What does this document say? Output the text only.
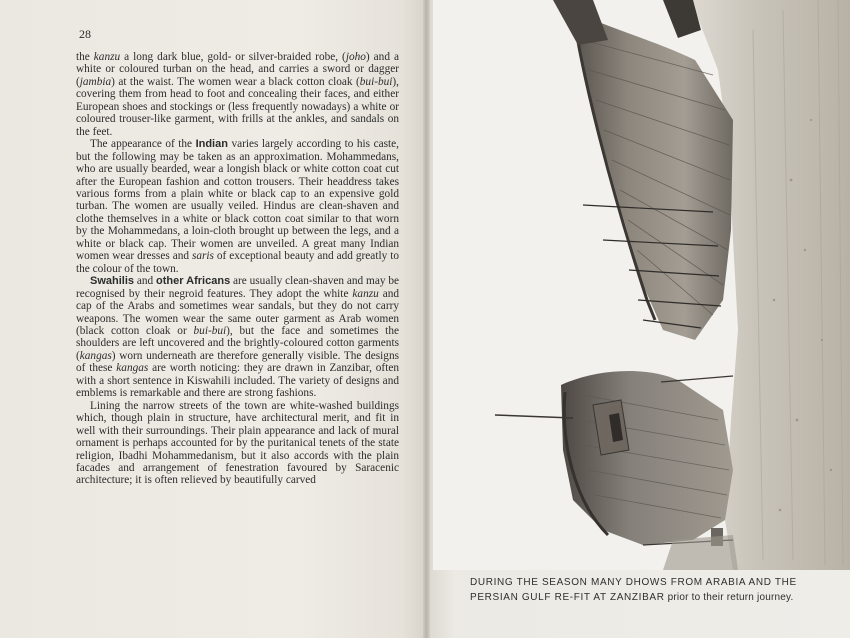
28

the kanzu a long dark blue, gold- or silver-braided robe, (joho) and a white or coloured turban on the head, and carries a sword or dagger (jambia) at the waist. The women wear a black cotton cloak (bui-bui), covering them from head to foot and concealing their faces, and either European shoes and stockings or (less frequently nowadays) a white or coloured trouser-like garment, with frills at the ankles, and sandals on the feet.

The appearance of the Indian varies largely according to his caste, but the following may be taken as an approximation. Mohammedans, who are usually bearded, wear a longish black or white cotton coat cut after the European fashion and cotton trousers. Their headdress takes various forms from a plain white or black cap to an expensive gold turban. The women are usually veiled. Hindus are clean-shaven and clothe themselves in a white or black cotton coat similar to that worn by the Mohammedans, a loin-cloth brought up between the legs, and a white or black cap. Their women are unveiled. A great many Indian women wear dresses and saris of exceptional beauty and add greatly to the colour of the town.

Swahilis and other Africans are usually clean-shaven and may be recognised by their negroid features. They adopt the white kanzu and cap of the Arabs and sometimes wear sandals, but they do not carry weapons. The women wear the same outer garment as Arab women (black cotton cloak or bui-bui), but the face and sometimes the shoulders are left uncovered and the brightly-coloured cotton garments (kangas) worn underneath are therefore generally visible. The designs of these kangas are worth noticing: they are drawn in Zanzibar, often with a short sentence in Kiswahili included. The variety of designs and emblems is remarkable and there are strong fashions.

Lining the narrow streets of the town are white-washed buildings which, though plain in structure, have architectural merit, and fit in well with their surroundings. Their plain appearance and lack of mural ornament is perhaps accounted for by the puritanical tenets of the state religion, Ibadhi Mohammedanism, but it also accords with the plain facades and arrangement of fenestration favoured by Saracenic architecture; it is often relieved by beautifully carved

DURING THE SEASON MANY DHOWS FROM ARABIA AND THE PERSIAN GULF RE-FIT AT ZANZIBAR prior to their return journey.
